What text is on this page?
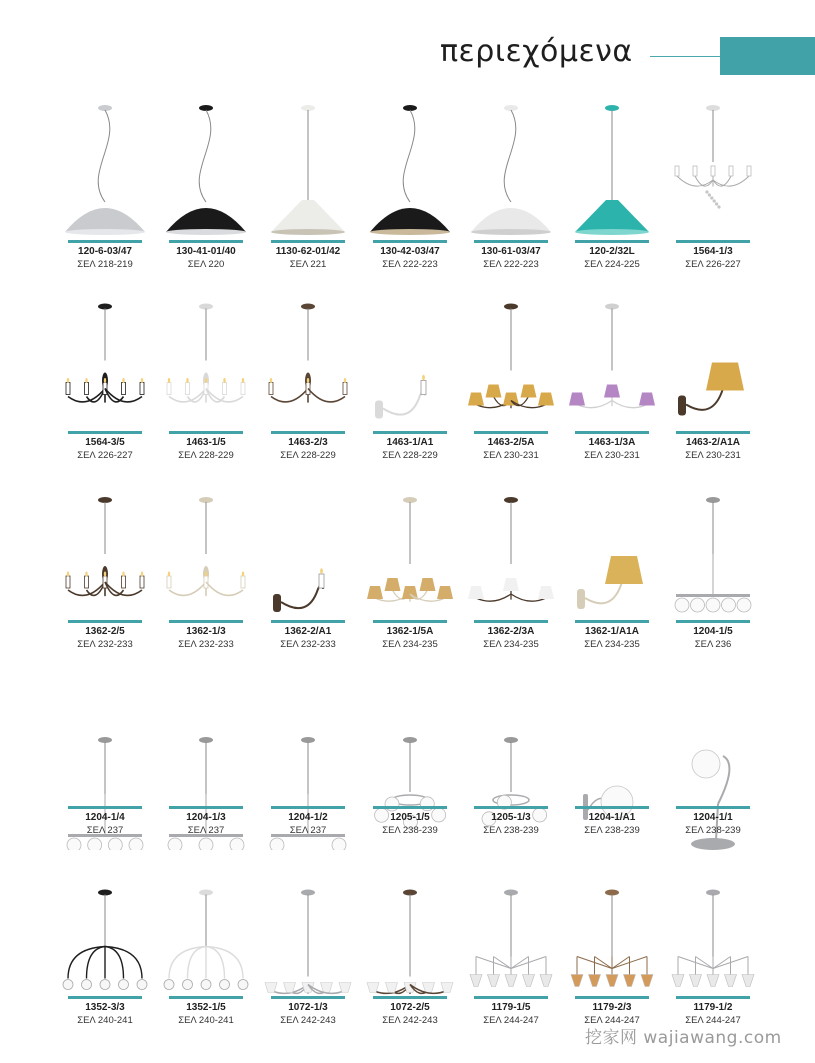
περιεχόμενα
120-6-03/47
ΣΕΛ 218-219
130-41-01/40
ΣΕΛ 220
1130-62-01/42
ΣΕΛ 221
130-42-03/47
ΣΕΛ 222-223
130-61-03/47
ΣΕΛ 222-223
120-2/32L
ΣΕΛ 224-225
1564-1/3
ΣΕΛ 226-227
1564-3/5
ΣΕΛ 226-227
1463-1/5
ΣΕΛ 228-229
1463-2/3
ΣΕΛ 228-229
1463-1/A1
ΣΕΛ 228-229
1463-2/5A
ΣΕΛ 230-231
1463-1/3A
ΣΕΛ 230-231
1463-2/A1A
ΣΕΛ 230-231
1362-2/5
ΣΕΛ 232-233
1362-1/3
ΣΕΛ 232-233
1362-2/A1
ΣΕΛ 232-233
1362-1/5A
ΣΕΛ 234-235
1362-2/3A
ΣΕΛ 234-235
1362-1/A1A
ΣΕΛ 234-235
1204-1/5
ΣΕΛ 236
1204-1/4
ΣΕΛ 237
1204-1/3
ΣΕΛ 237
1204-1/2
ΣΕΛ 237
1205-1/5
ΣΕΛ 238-239
1205-1/3
ΣΕΛ 238-239
1204-1/A1
ΣΕΛ 238-239
1204-1/1
ΣΕΛ 238-239
1352-3/3
ΣΕΛ 240-241
1352-1/5
ΣΕΛ 240-241
1072-1/3
ΣΕΛ 242-243
1072-2/5
ΣΕΛ 242-243
1179-1/5
ΣΕΛ 244-247
1179-2/3
ΣΕΛ 244-247
1179-1/2
ΣΕΛ 244-247
挖家网 wajiawang.com
